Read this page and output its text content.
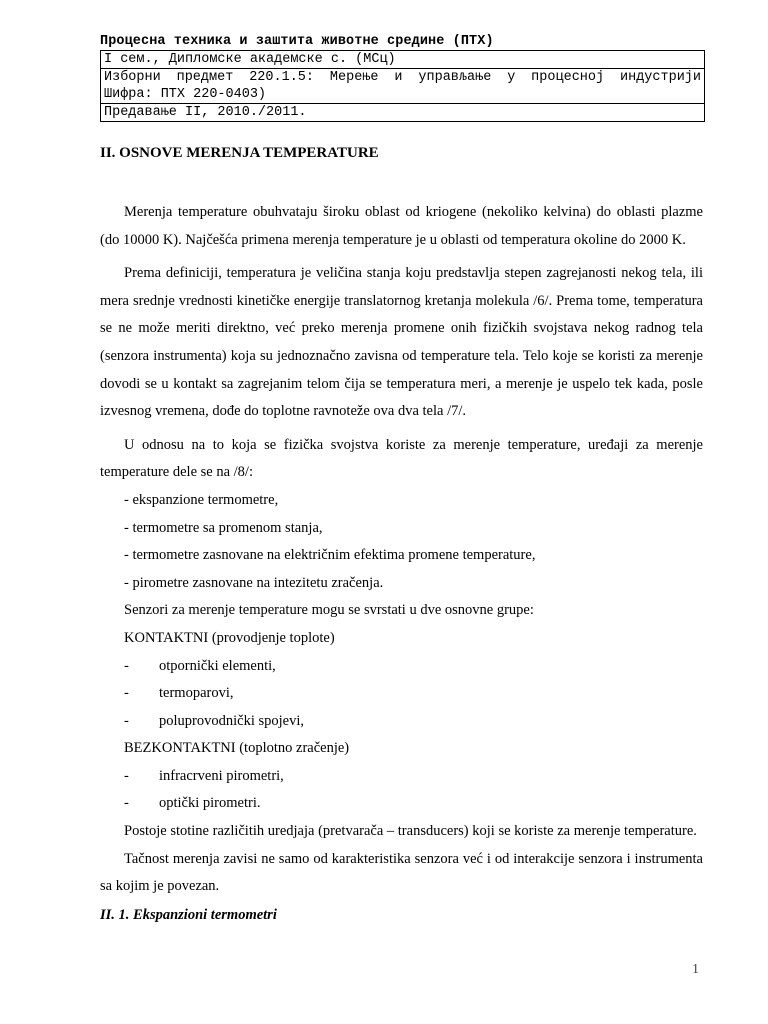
Процесна техника и заштита животне средине (ПТХ)
I сем., Дипломске академске с. (МСц)

Изборни предмет 220.1.5: Мерење и управљање у процесној индустрији
Шифра: ПТХ 220-0403)
Предавање II, 2010./2011.
II. OSNOVE MERENJA TEMPERATURE

Merenja temperature obuhvataju široku oblast od kriogene (nekoliko kelvina) do oblasti plazme (do 10000 K). Najčešća primena merenja temperature je u oblasti od temperatura okoline do 2000 K.

Prema definiciji, temperatura je veličina stanja koju predstavlja stepen zagrejanosti nekog tela, ili mera srednje vrednosti kinetičke energije translatornog kretanja molekula /6/. Prema tome, temperatura se ne može meriti direktno, već preko merenja promene onih fizičkih svojstava nekog radnog tela (senzora instrumenta) koja su jednoznačno zavisna od temperature tela. Telo koje se koristi za merenje dovodi se u kontakt sa zagrejanim telom čija se temperatura meri, a merenje je uspelo tek kada, posle izvesnog vremena, dođe do toplotne ravnoteže ova dva tela /7/.

U odnosu na to koja se fizička svojstva koriste za merenje temperature, uređaji za merenje temperature dele se na /8/:

- ekspanzione termometre,

- termometre sa promenom stanja,

- termometre zasnovane na električnim efektima promene temperature,

- pirometre zasnovane na intezitetu zračenja.

Senzori za merenje temperature mogu se svrstati u dve osnovne grupe:

KONTAKTNI (provodjenje toplote)

-	otpornički elementi,
-	termoparovi,
-	poluprovodnički spojevi,

BEZKONTAKTNI (toplotno zračenje)

-	infracrveni pirometri,
-	optički pirometri.

Postoje stotine različitih uredjaja (pretvarača – transducers) koji se koriste za merenje temperature.

Tačnost merenja zavisi ne samo od karakteristika senzora već i od interakcije senzora i instrumenta sa kojim je povezan.

II. 1. Ekspanzioni termometri
1
